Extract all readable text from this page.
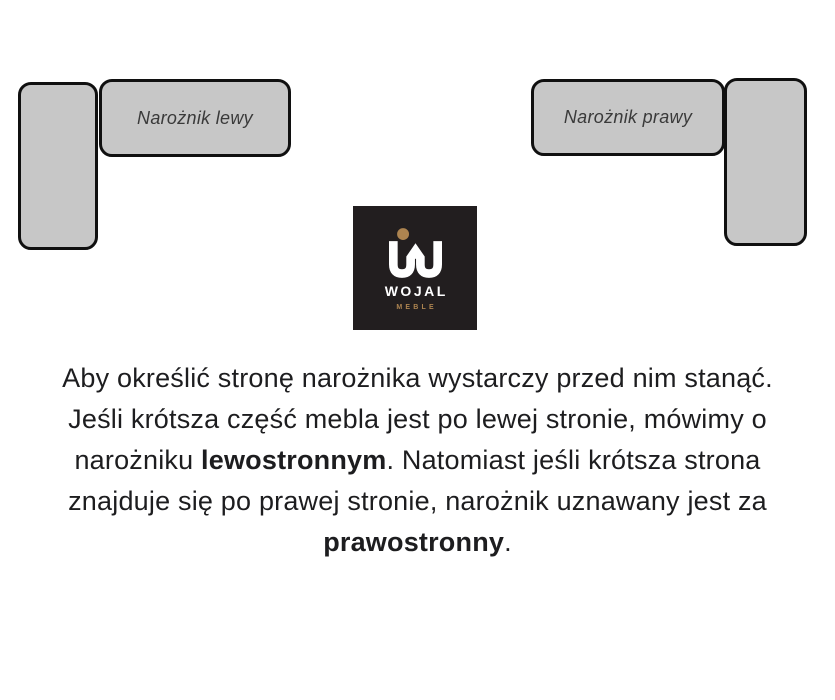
Narożnik lewy	Narożnik prawy
WOJAL
MEBLE
Aby określić stronę narożnika wystarczy przed nim stanąć.
Jeśli krótsza część mebla jest po lewej stronie, mówimy o
narożniku lewostronnym. Natomiast jeśli krótsza strona
znajduje się po prawej stronie, narożnik uznawany jest za
prawostronny.
